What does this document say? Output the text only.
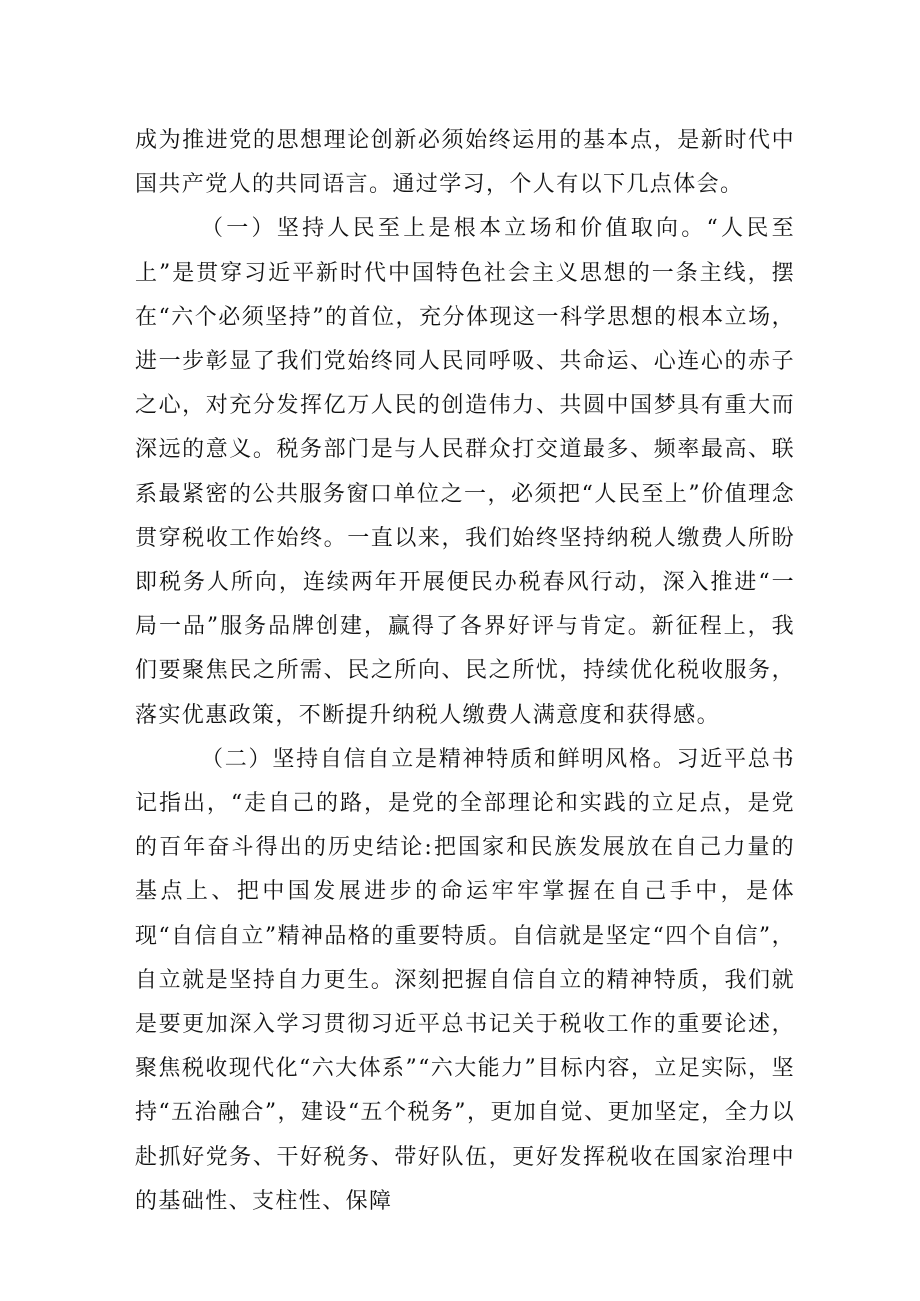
成为推进党的思想理论创新必须始终运用的基本点，是新时代中国共产党人的共同语言。通过学习，个人有以下几点体会。

（一）坚持人民至上是根本立场和价值取向。“人民至上”是贯穿习近平新时代中国特色社会主义思想的一条主线，摆在“六个必须坚持”的首位，充分体现这一科学思想的根本立场，进一步彰显了我们党始终同人民同呼吸、共命运、心连心的赤子之心，对充分发挥亿万人民的创造伟力、共圆中国梦具有重大而深远的意义。税务部门是与人民群众打交道最多、频率最高、联系最紧密的公共服务窗口单位之一，必须把“人民至上”价值理念贯穿税收工作始终。一直以来，我们始终坚持纳税人缴费人所盼即税务人所向，连续两年开展便民办税春风行动，深入推进“一局一品”服务品牌创建，赢得了各界好评与肯定。新征程上，我们要聚焦民之所需、民之所向、民之所忧，持续优化税收服务，落实优惠政策，不断提升纳税人缴费人满意度和获得感。

（二）坚持自信自立是精神特质和鲜明风格。习近平总书记指出，“走自己的路，是党的全部理论和实践的立足点，是党的百年奋斗得出的历史结论:把国家和民族发展放在自己力量的基点上、把中国发展进步的命运牢牢掌握在自己手中，是体现“自信自立”精神品格的重要特质。自信就是坚定“四个自信”，自立就是坚持自力更生。深刻把握自信自立的精神特质，我们就是要更加深入学习贯彻习近平总书记关于税收工作的重要论述，聚焦税收现代化“六大体系”“六大能力”目标内容，立足实际，坚持“五治融合”，建设“五个税务”，更加自觉、更加坚定，全力以赴抓好党务、干好税务、带好队伍，更好发挥税收在国家治理中的基础性、支柱性、保障
